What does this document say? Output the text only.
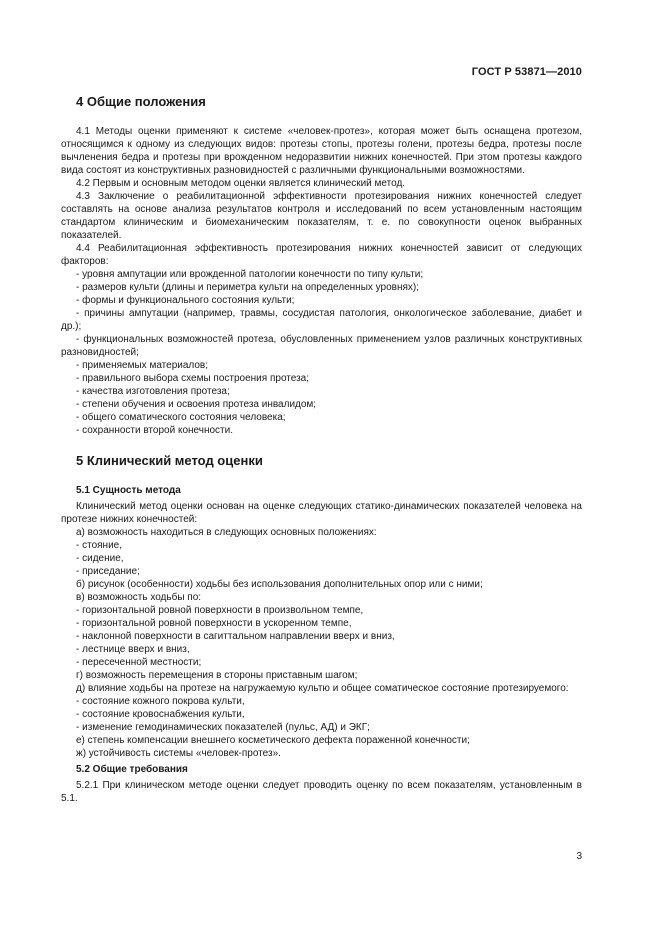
ГОСТ Р 53871—2010
4 Общие положения

4.1 Методы оценки применяют к системе «человек-протез», которая может быть оснащена протезом, относящимся к одному из следующих видов: протезы стопы, протезы голени, протезы бедра, протезы после вычленения бедра и протезы при врожденном недоразвитии нижних конечностей. При этом протезы каждого вида состоят из конструктивных разновидностей с различными функциональными возможностями.

4.2 Первым и основным методом оценки является клинический метод.

4.3 Заключение о реабилитационной эффективности протезирования нижних конечностей следует составлять на основе анализа результатов контроля и исследований по всем установленным настоящим стандартом клиническим и биомеханическим показателям, т. е. по совокупности оценок выбранных показателей.

4.4 Реабилитационная эффективность протезирования нижних конечностей зависит от следующих факторов:

- уровня ампутации или врожденной патологии конечности по типу культи;

- размеров культи (длины и периметра культи на определенных уровнях);

- формы и функционального состояния культи;

- причины ампутации (например, травмы, сосудистая патология, онкологическое заболевание, диабет и др.);

- функциональных возможностей протеза, обусловленных применением узлов различных конструктивных разновидностей;

- применяемых материалов;

- правильного выбора схемы построения протеза;

- качества изготовления протеза;

- степени обучения и освоения протеза инвалидом;

- общего соматического состояния человека;

- сохранности второй конечности.

5 Клинический метод оценки
5.1 Сущность метода

Клинический метод оценки основан на оценке следующих статико-динамических показателей человека на протезе нижних конечностей:

а) возможность находиться в следующих основных положениях:

- стояние,

- сидение,

- приседание;

б) рисунок (особенности) ходьбы без использования дополнительных опор или с ними;

в) возможность ходьбы по:

- горизонтальной ровной поверхности в произвольном темпе,

- горизонтальной ровной поверхности в ускоренном темпе,

- наклонной поверхности в сагиттальном направлении вверх и вниз,

- лестнице вверх и вниз,

- пересеченной местности;

г) возможность перемещения в стороны приставным шагом;

д) влияние ходьбы на протезе на нагружаемую культю и общее соматическое состояние протезируемого:

- состояние кожного покрова культи,

- состояние кровоснабжения культи,

- изменение гемодинамических показателей (пульс, АД) и ЭКГ;

е) степень компенсации внешнего косметического дефекта пораженной конечности;

ж) устойчивость системы «человек-протез».

5.2 Общие требования

5.2.1 При клиническом методе оценки следует проводить оценку по всем показателям, установленным в 5.1.

3
